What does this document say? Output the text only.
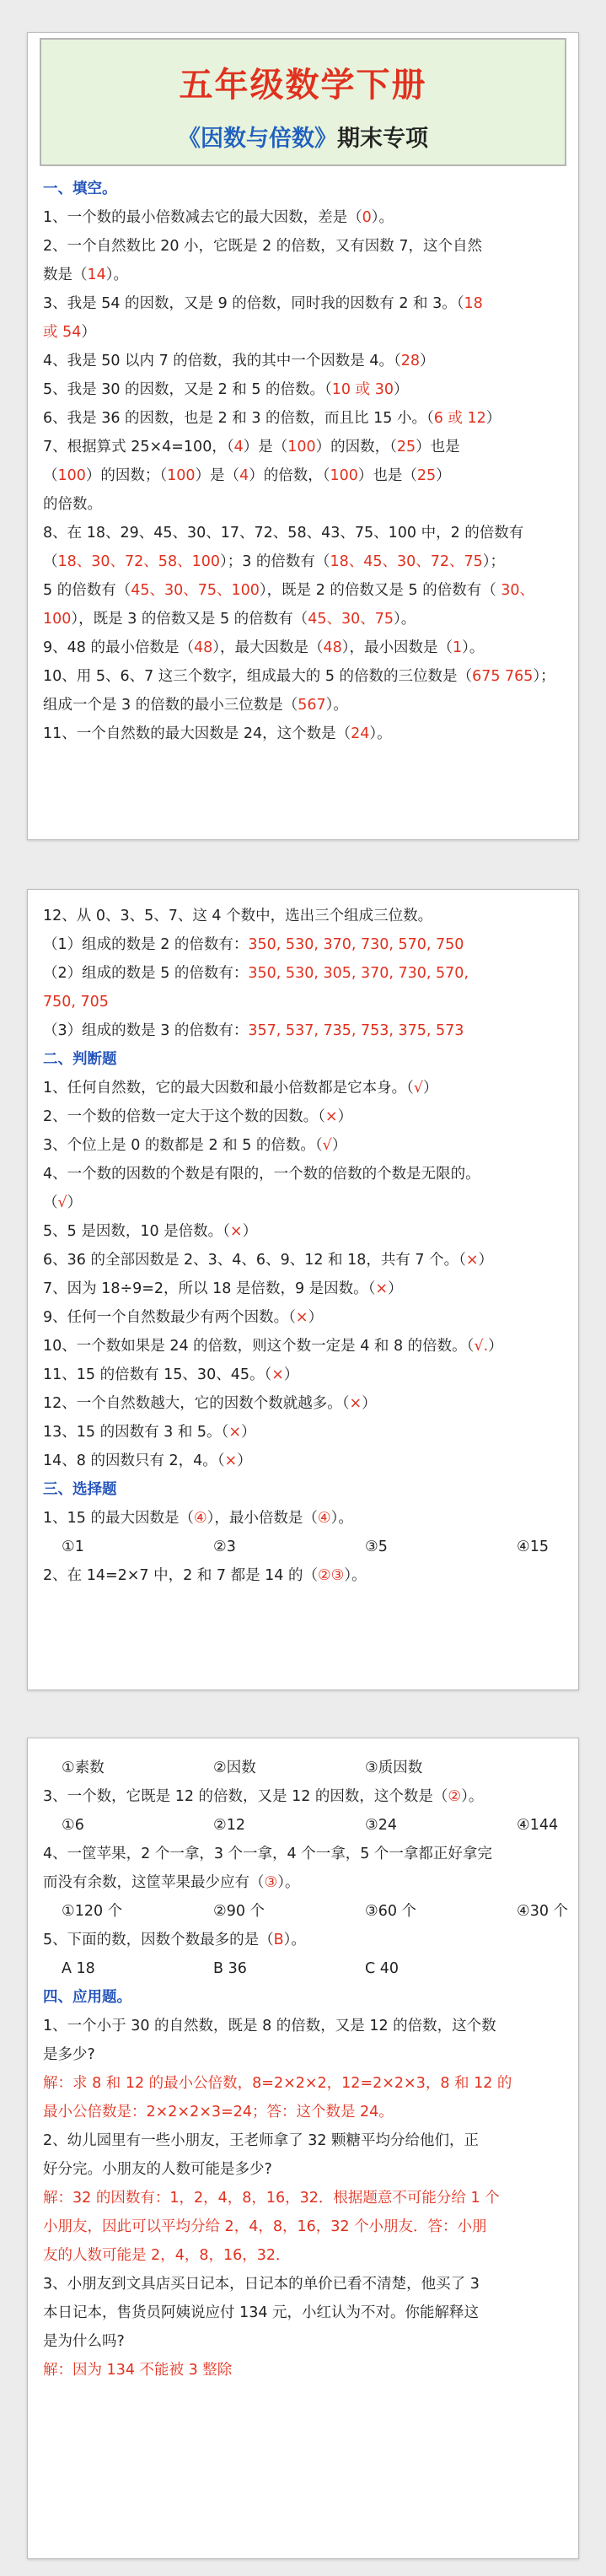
五年级数学下册
《因数与倍数》期末专项
一、填空。
1、一个数的最小倍数减去它的最大因数，差是（0）。
2、一个自然数比 20 小，它既是 2 的倍数，又有因数 7，这个自然
数是（14）。
3、我是 54 的因数，又是 9 的倍数，同时我的因数有 2 和 3。（18
或 54）
4、我是 50 以内 7 的倍数，我的其中一个因数是 4。（28）
5、我是 30 的因数，又是 2 和 5 的倍数。（10 或 30）
6、我是 36 的因数，也是 2 和 3 的倍数，而且比 15 小。（6 或 12）
7、根据算式 25×4=100，（4）是（100）的因数，（25）也是
（100）的因数；（100）是（4）的倍数，（100）也是（25）
的倍数。
8、在 18、29、45、30、17、72、58、43、75、100 中，2 的倍数有
（18、30、72、58、100）；3 的倍数有（18、45、30、72、75）；
5 的倍数有（45、30、75、100），既是 2 的倍数又是 5 的倍数有（ 30、
100），既是 3 的倍数又是 5 的倍数有（45、30、75）。
9、48 的最小倍数是（48），最大因数是（48），最小因数是（1）。
10、用 5、6、7 这三个数字，组成最大的 5 的倍数的三位数是（675 765）；
组成一个是 3 的倍数的最小三位数是（567）。
11、一个自然数的最大因数是 24，这个数是（24）。
12、从 0、3、5、7、这 4 个数中，选出三个组成三位数。
（1）组成的数是 2 的倍数有：350, 530, 370, 730, 570, 750
（2）组成的数是 5 的倍数有：350, 530, 305, 370, 730, 570,
750, 705
（3）组成的数是 3 的倍数有：357, 537, 735, 753, 375, 573
二、判断题
1、任何自然数，它的最大因数和最小倍数都是它本身。（√）
2、一个数的倍数一定大于这个数的因数。（×）
3、个位上是 0 的数都是 2 和 5 的倍数。（√）
4、一个数的因数的个数是有限的，一个数的倍数的个数是无限的。
（√）
5、5 是因数，10 是倍数。（×）
6、36 的全部因数是 2、3、4、6、9、12 和 18，共有 7 个。（×）
7、因为 18÷9=2，所以 18 是倍数，9 是因数。（×）
9、任何一个自然数最少有两个因数。（×）
10、一个数如果是 24 的倍数，则这个数一定是 4 和 8 的倍数。（√.）
11、15 的倍数有 15、30、45。（×）
12、一个自然数越大，它的因数个数就越多。（×）
13、15 的因数有 3 和 5。（×）
14、8 的因数只有 2，4。（×）
三、选择题
1、15 的最大因数是（④），最小倍数是（④）。
①1	②3	③5	④15
2、在 14=2×7 中，2 和 7 都是 14 的（②③）。
①素数	②因数	③质因数
3、一个数，它既是 12 的倍数，又是 12 的因数，这个数是（②）。
①6	②12	③24	④144
4、一筐苹果，2 个一拿，3 个一拿，4 个一拿，5 个一拿都正好拿完
而没有余数，这筐苹果最少应有（③）。
①120 个	②90 个	③60 个	④30 个
5、下面的数，因数个数最多的是（B）。
A 18	B 36	C 40
四、应用题。
1、一个小于 30 的自然数，既是 8 的倍数，又是 12 的倍数，这个数
是多少?
解：求 8 和 12 的最小公倍数，8=2×2×2，12=2×2×3，8 和 12 的
最小公倍数是：2×2×2×3=24；答：这个数是 24。
2、幼儿园里有一些小朋友，王老师拿了 32 颗糖平均分给他们，正
好分完。小朋友的人数可能是多少?
解：32 的因数有：1，2，4，8，16，32．根据题意不可能分给 1 个
小朋友，因此可以平均分给 2，4，8，16，32 个小朋友．答：小朋
友的人数可能是 2，4，8，16，32．
3、小朋友到文具店买日记本，日记本的单价已看不清楚，他买了 3
本日记本，售货员阿姨说应付 134 元，小红认为不对。你能解释这
是为什么吗?
解：因为 134 不能被 3 整除
